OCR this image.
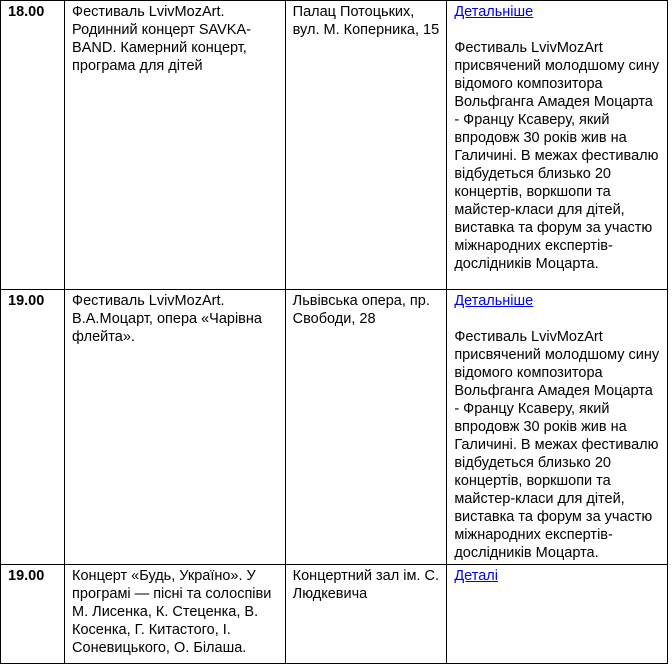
18.00	Фестиваль LvivMozArt. Родинний концерт SAVKA-BAND. Камерний концерт, програма для дітей	Палац Потоцьких, вул. М. Коперника, 15	Детальніше
Фестиваль LvivMozArt присвячений молодшому сину відомого композитора Вольфганга Амадея Моцарта - Францу Ксаверу, який впродовж 30 років жив на Галичині. В межах фестивалю відбудеться близько 20 концертів, воркшопи та майстер-класи для дітей, виставка та форум за участю міжнародних експертів-дослідників Моцарта.

19.00	Фестиваль LvivMozArt. В.А.Моцарт, опера «Чарівна флейта».	Львівська опера, пр. Свободи, 28	Детальніше
Фестиваль LvivMozArt присвячений молодшому сину відомого композитора Вольфганга Амадея Моцарта - Францу Ксаверу, який впродовж 30 років жив на Галичині. В межах фестивалю відбудеться близько 20 концертів, воркшопи та майстер-класи для дітей, виставка та форум за участю міжнародних експертів-дослідників Моцарта.

19.00	Концерт «Будь, Україно». У програмі — пісні та солоспіви М. Лисенка, К. Стеценка, В. Косенка, Г. Китастого, І. Соневицького, О. Білаша.	Концертний зал ім. С. Людкевича	Деталі
